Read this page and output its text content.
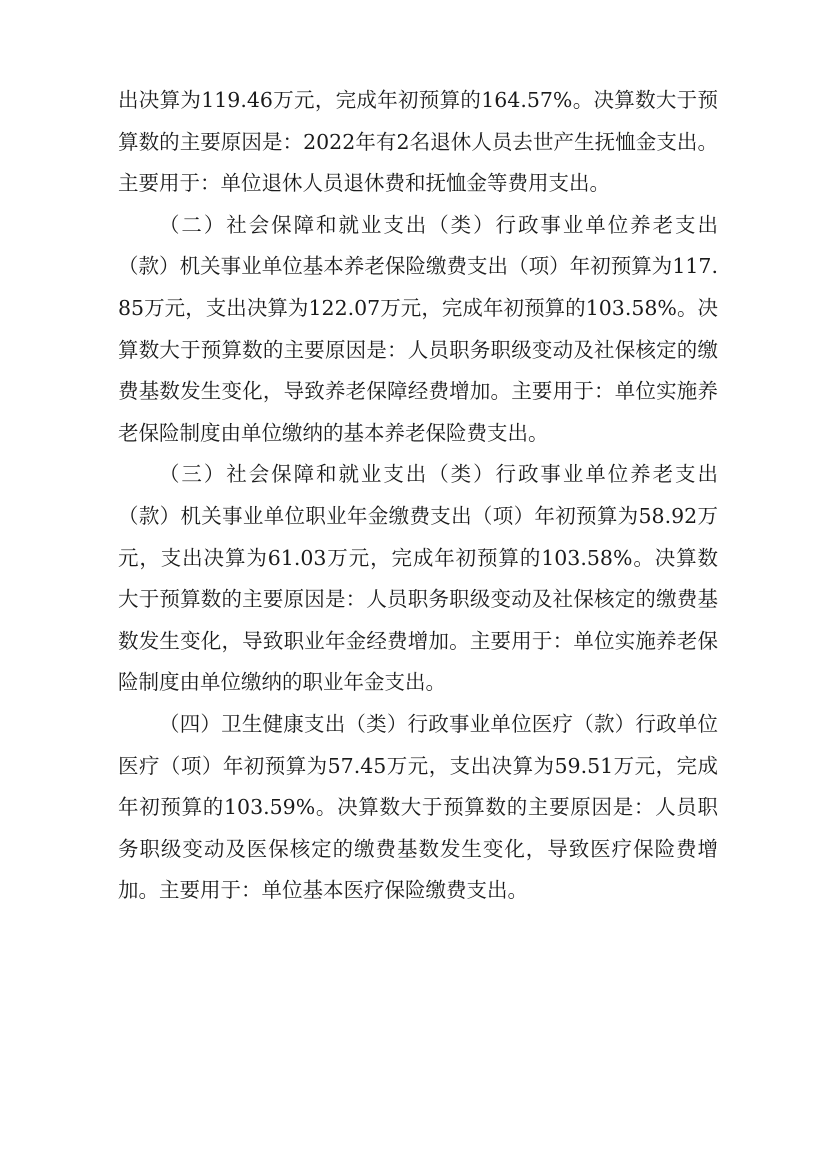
出决算为119.46万元，完成年初预算的164.57%。决算数大于预算数的主要原因是：2022年有2名退休人员去世产生抚恤金支出。主要用于：单位退休人员退休费和抚恤金等费用支出。

（二）社会保障和就业支出（类）行政事业单位养老支出（款）机关事业单位基本养老保险缴费支出（项）年初预算为117.85万元，支出决算为122.07万元，完成年初预算的103.58%。决算数大于预算数的主要原因是：人员职务职级变动及社保核定的缴费基数发生变化，导致养老保障经费增加。主要用于：单位实施养老保险制度由单位缴纳的基本养老保险费支出。

（三）社会保障和就业支出（类）行政事业单位养老支出（款）机关事业单位职业年金缴费支出（项）年初预算为58.92万元，支出决算为61.03万元，完成年初预算的103.58%。决算数大于预算数的主要原因是：人员职务职级变动及社保核定的缴费基数发生变化，导致职业年金经费增加。主要用于：单位实施养老保险制度由单位缴纳的职业年金支出。

（四）卫生健康支出（类）行政事业单位医疗（款）行政单位医疗（项）年初预算为57.45万元，支出决算为59.51万元，完成年初预算的103.59%。决算数大于预算数的主要原因是：人员职务职级变动及医保核定的缴费基数发生变化，导致医疗保险费增加。主要用于：单位基本医疗保险缴费支出。
